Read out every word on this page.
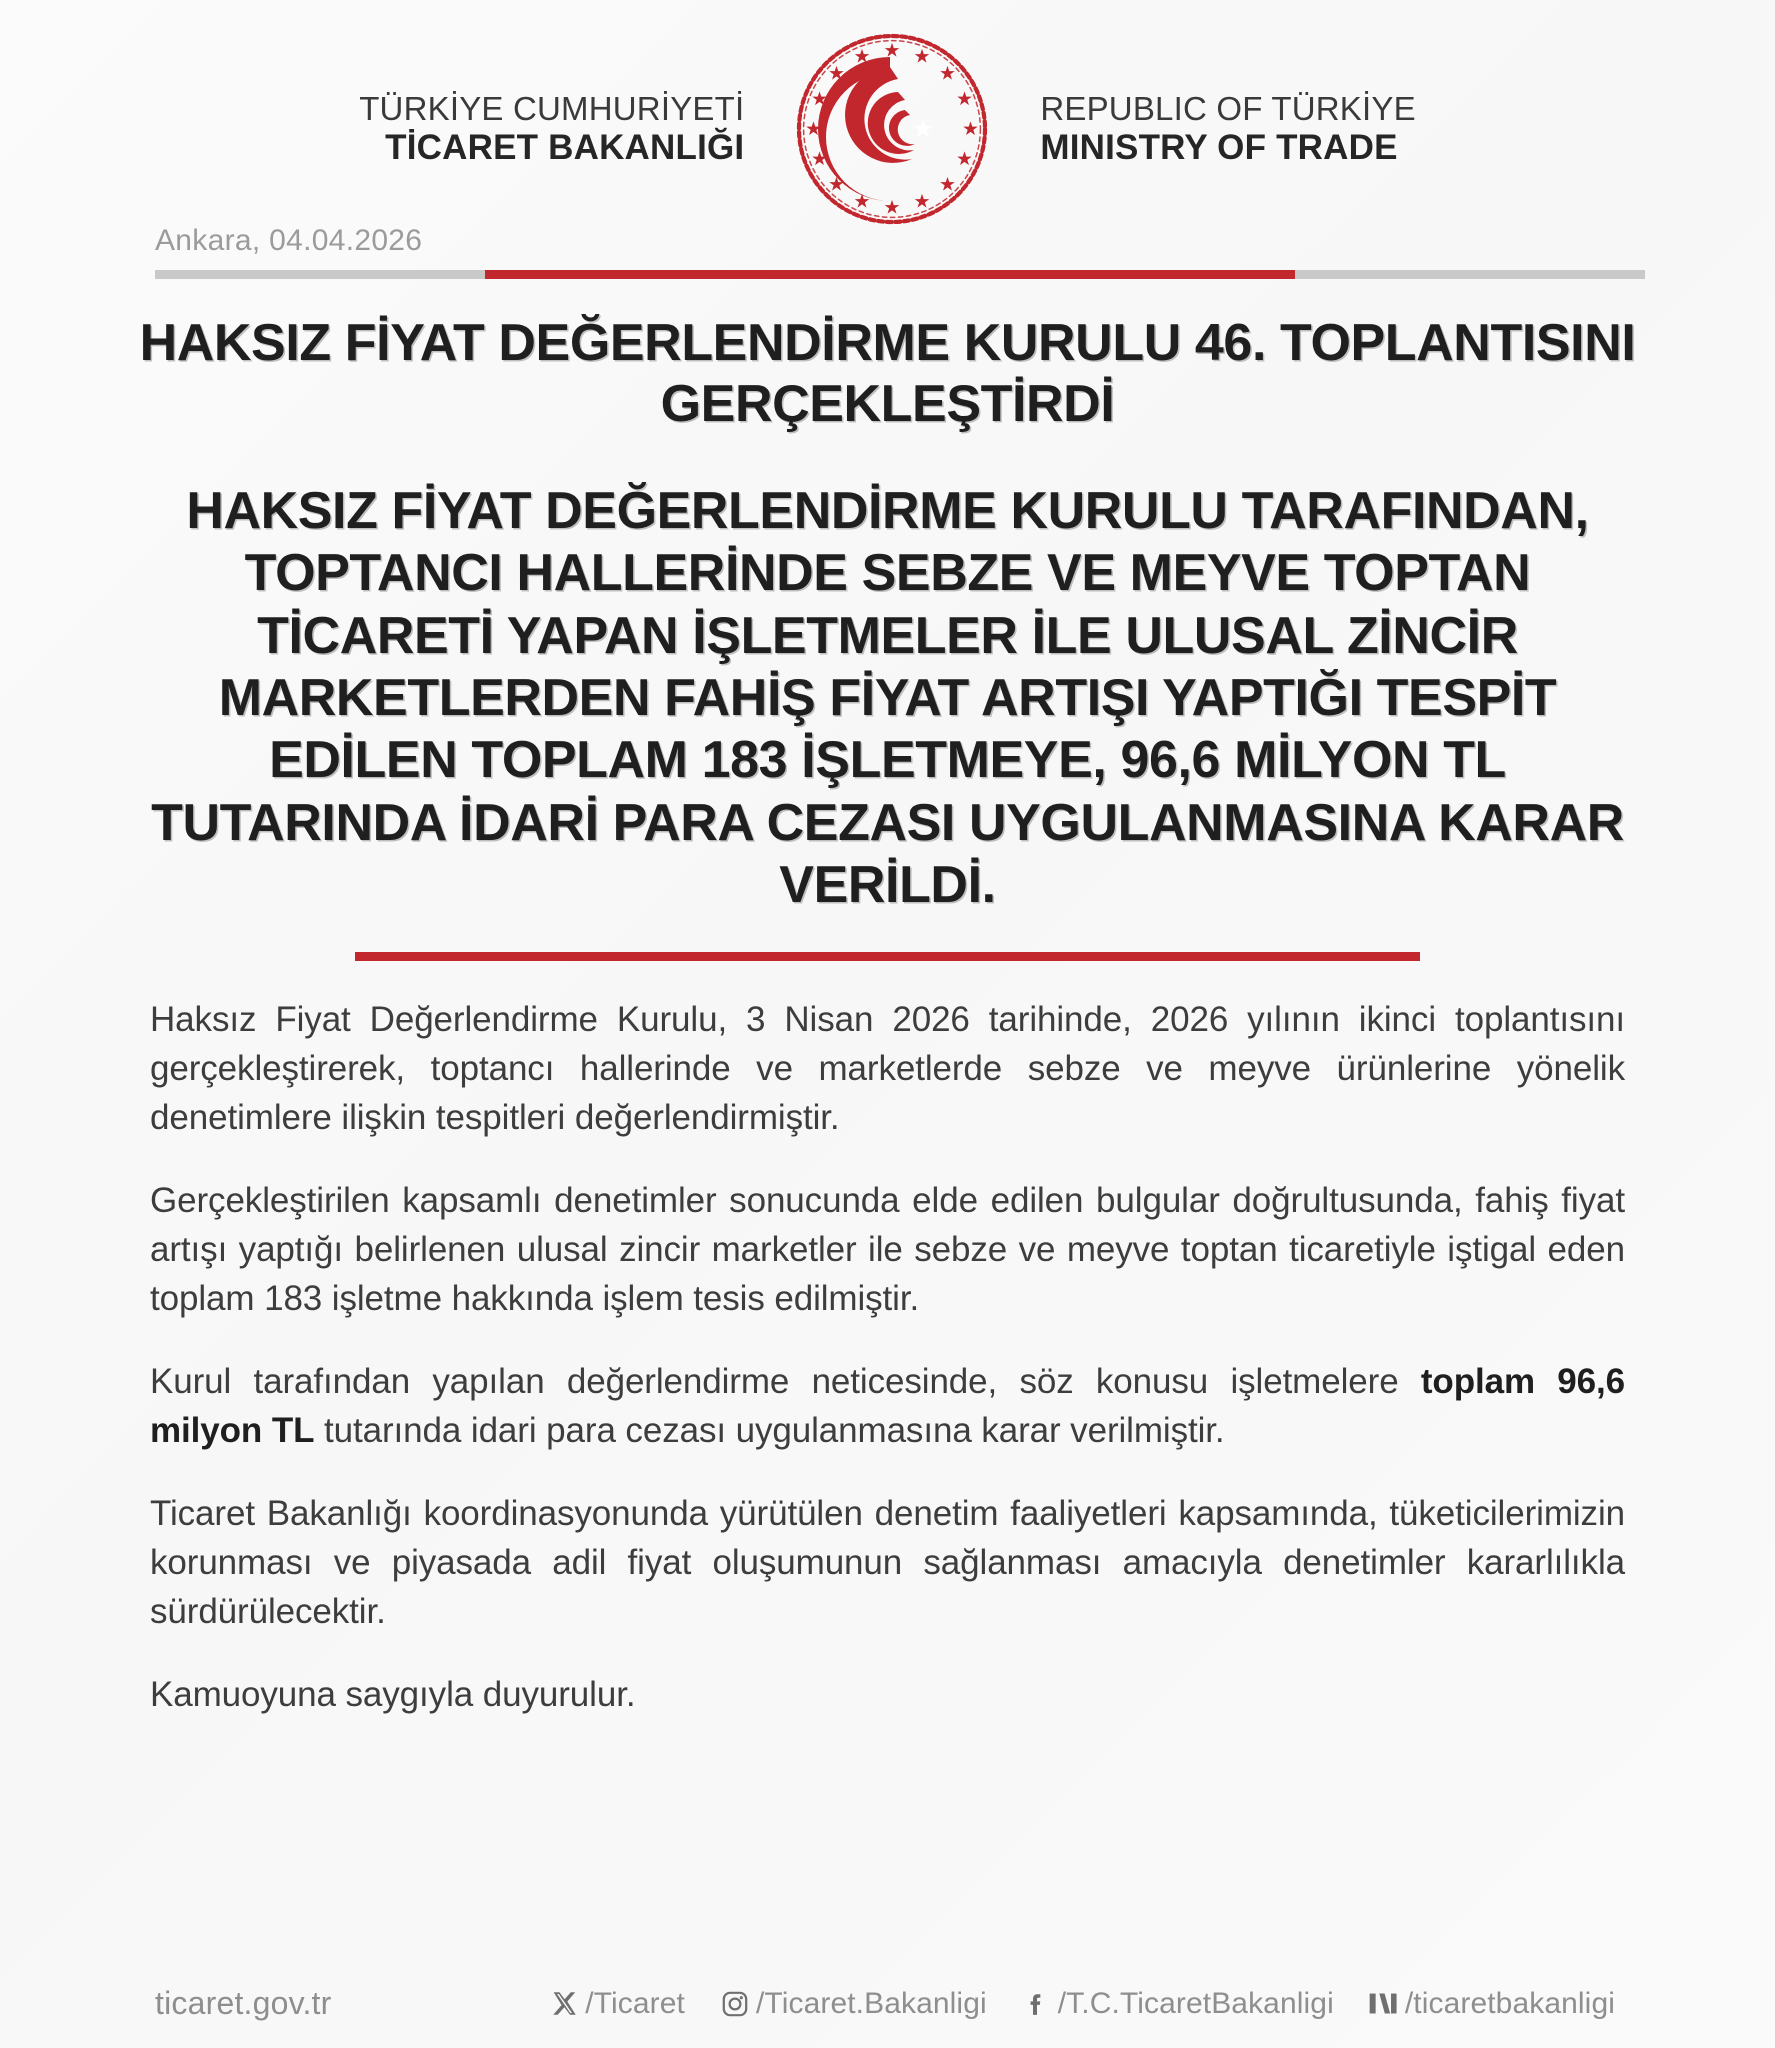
TÜRKİYE CUMHURİYETİ
TİCARET BAKANLIĞI
REPUBLIC OF TÜRKİYE
MINISTRY OF TRADE
Ankara, 04.04.2026
HAKSIZ FİYAT DEĞERLENDİRME KURULU 46. TOPLANTISINI GERÇEKLEŞTİRDİ
HAKSIZ FİYAT DEĞERLENDİRME KURULU TARAFINDAN, TOPTANCI HALLERİNDE SEBZE VE MEYVE TOPTAN TİCARETİ YAPAN İŞLETMELER İLE ULUSAL ZİNCİR MARKETLERDEN FAHİŞ FİYAT ARTIŞI YAPTIĞI TESPİT EDİLEN TOPLAM 183 İŞLETMEYE, 96,6 MİLYON TL TUTARINDA İDARİ PARA CEZASI UYGULANMASINA KARAR VERİLDİ.

Haksız Fiyat Değerlendirme Kurulu, 3 Nisan 2026 tarihinde, 2026 yılının ikinci toplantısını gerçekleştirerek, toptancı hallerinde ve marketlerde sebze ve meyve ürünlerine yönelik denetimlere ilişkin tespitleri değerlendirmiştir.

Gerçekleştirilen kapsamlı denetimler sonucunda elde edilen bulgular doğrultusunda, fahiş fiyat artışı yaptığı belirlenen ulusal zincir marketler ile sebze ve meyve toptan ticaretiyle iştigal eden toplam 183 işletme hakkında işlem tesis edilmiştir.

Kurul tarafından yapılan değerlendirme neticesinde, söz konusu işletmelere toplam 96,6 milyon TL tutarında idari para cezası uygulanmasına karar verilmiştir.

Ticaret Bakanlığı koordinasyonunda yürütülen denetim faaliyetleri kapsamında, tüketicilerimizin korunması ve piyasada adil fiyat oluşumunun sağlanması amacıyla denetimler kararlılıkla sürdürülecektir.

Kamuoyuna saygıyla duyurulur.

ticaret.gov.tr	/Ticaret /Ticaret.Bakanligi /T.C.TicaretBakanligi /ticaretbakanligi
